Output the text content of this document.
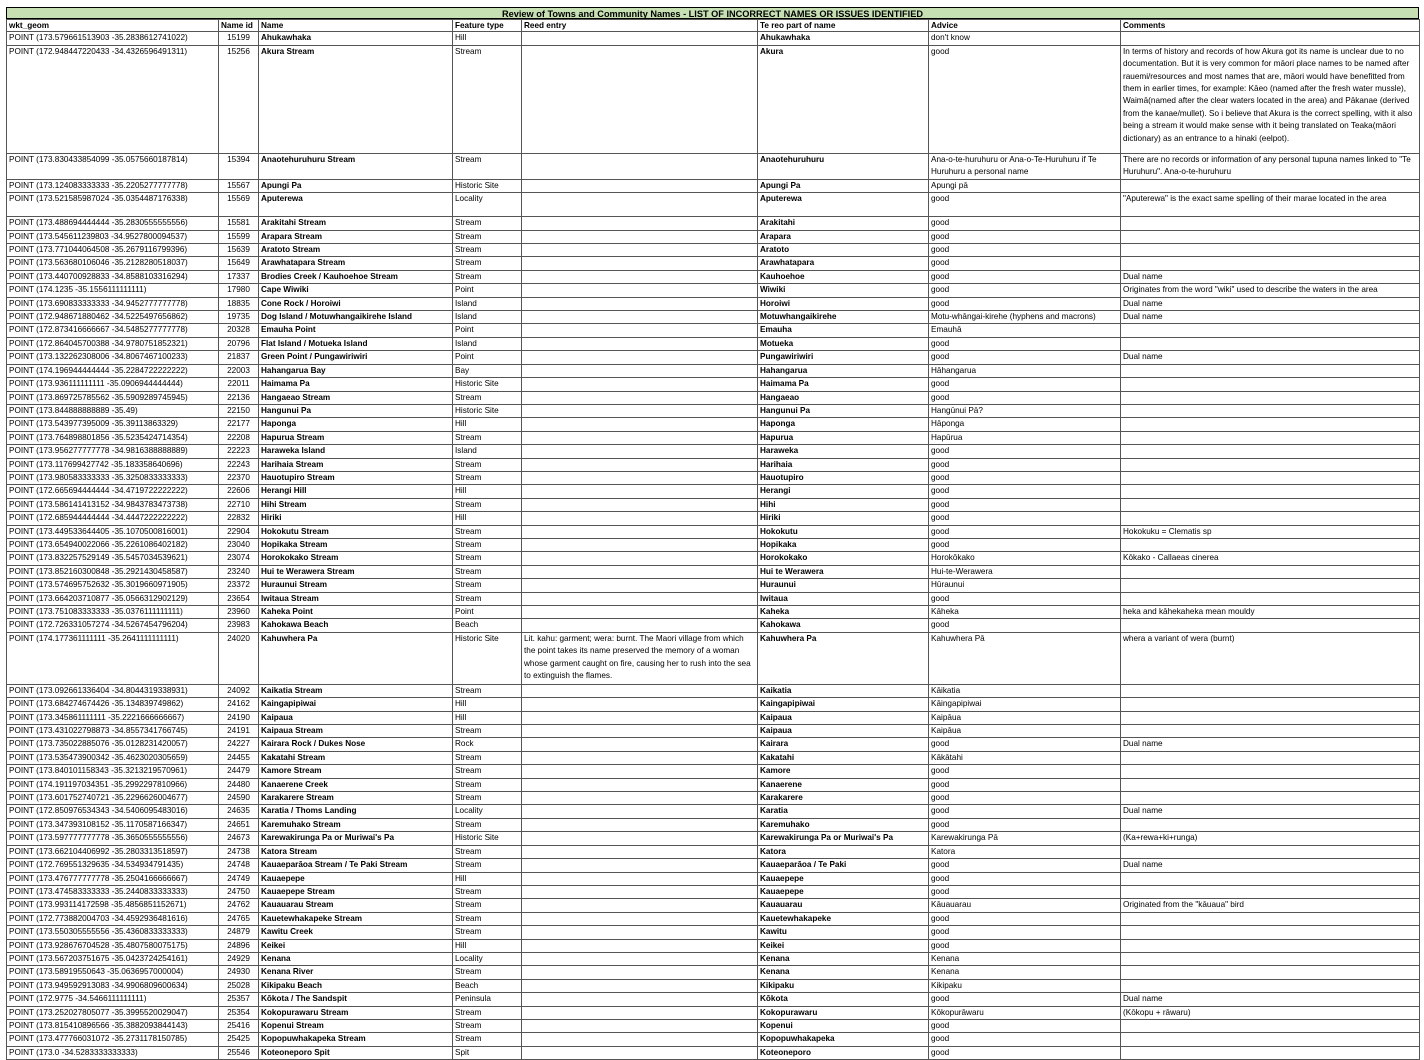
Review of Towns and Community Names - LIST OF INCORRECT NAMES OR ISSUES IDENTIFIED
wkt_geom	Name id	Name	Feature type	Reed entry	Te reo part of name	Advice	Comments
POINT (173.579661513903 -35.2838612741022)	15199	Ahukawhaka	Hill		Ahukawhaka	don't know	
POINT (172.948447220433 -34.4326596491311)	15256	Akura Stream	Stream		Akura	good	In terms of history and records of how Akura got its name is unclear due to no documentation. But it is very common for māori place names to be named after rauemi/resources and most names that are, māori would have benefitted from them in earlier times, for example: Kāeo (named after the fresh water mussle), Waimā(named after the clear waters located in the area) and Pākanae (derived from the kanae/mullet). So i believe that Akura is the correct spelling, with it also being a stream it would make sense with it being translated on Teaka(māori dictionary) as an entrance to a hinaki (eelpot).
POINT (173.830433854099 -35.0575660187814)	15394	Anaotehuruhuru Stream	Stream		Anaotehuruhuru	Ana-o-te-huruhuru or Ana-o-Te-Huruhuru if Te Huruhuru a personal name	There are no records or information of any personal tupuna names linked to "Te Huruhuru". Ana-o-te-huruhuru
POINT (173.124083333333 -35.2205277777778)	15567	Apungi Pa	Historic Site		Apungi Pa	Apungi pā	
POINT (173.521585987024 -35.0354487176338)	15569	Aputerewa	Locality		Aputerewa	good	"Aputerewa" is the exact same spelling of their marae located in the area
POINT (173.488694444444 -35.2830555555556)	15581	Arakitahi Stream	Stream		Arakitahi	good	
POINT (173.545611239803 -34.9527800094537)	15599	Arapara Stream	Stream		Arapara	good	
POINT (173.771044064508 -35.2679116799396)	15639	Aratoto Stream	Stream		Aratoto	good	
POINT (173.563680106046 -35.2128280518037)	15649	Arawhatapara Stream	Stream		Arawhatapara	good	
POINT (173.440700928833 -34.8588103316294)	17337	Brodies Creek / Kauhoehoe Stream	Stream		Kauhoehoe	good	Dual name
POINT (174.1235 -35.1556111111111)	17980	Cape Wiwiki	Point		Wiwiki	good	Originates from the word "wiki" used to describe the waters in the area
POINT (173.690833333333 -34.9452777777778)	18835	Cone Rock / Horoiwi	Island		Horoiwi	good	Dual name
POINT (172.948671880462 -34.5225497656862)	19735	Dog Island / Motuwhangaikirehe Island	Island		Motuwhangaikirehe	Motu-whāngai-kirehe (hyphens and macrons)	Dual name
POINT (172.873416666667 -34.5485277777778)	20328	Emauha Point	Point		Emauha	Emauhā	
POINT (172.864045700388 -34.9780751852321)	20796	Flat Island / Motueka Island	Island		Motueka	good	
POINT (173.132262308006 -34.8067467100233)	21837	Green Point / Pungawiriwiri	Point		Pungawiriwiri	good	Dual name
POINT (174.196944444444 -35.2284722222222)	22003	Hahangarua Bay	Bay		Hahangarua	Hāhangarua	
POINT (173.936111111111 -35.0906944444444)	22011	Haimama Pa	Historic Site		Haimama Pa	good	
POINT (173.869725785562 -35.5909289745945)	22136	Hangaeao Stream	Stream		Hangaeao	good	
POINT (173.844888888889 -35.49)	22150	Hangunui Pa	Historic Site		Hangunui Pa	Hangūnui Pā?	
POINT (173.543977395009 -35.39113863329)	22177	Haponga	Hill		Haponga	Hāponga	
POINT (173.764898801856 -35.5235424714354)	22208	Hapurua Stream	Stream		Hapurua	Hapūrua	
POINT (173.956277777778 -34.9816388888889)	22223	Haraweka Island	Island		Haraweka	good	
POINT (173.117699427742 -35.183358640696)	22243	Harihaia Stream	Stream		Harihaia	good	
POINT (173.980583333333 -35.3250833333333)	22370	Hauotupiro Stream	Stream		Hauotupiro	good	
POINT (172.665694444444 -34.4719722222222)	22606	Herangi Hill	Hill		Herangi	good	
POINT (173.586141413152 -34.9843783473738)	22710	Hihi Stream	Stream		Hihi	good	
POINT (172.685944444444 -34.4447222222222)	22832	Hiriki	Hill		Hiriki	good	
POINT (173.449533644405 -35.1070500816001)	22904	Hokokutu Stream	Stream		Hokokutu	good	Hokokuku = Clematis sp
POINT (173.654940022066 -35.2261086402182)	23040	Hopikaka Stream	Stream		Hopikaka	good	
POINT (173.832257529149 -35.5457034539621)	23074	Horokokako Stream	Stream		Horokokako	Horokōkako	Kōkako - Callaeas cinerea
POINT (173.852160300848 -35.2921430458587)	23240	Hui te Werawera Stream	Stream		Hui te Werawera	Hui-te-Werawera	
POINT (173.574695752632 -35.3019660971905)	23372	Huraunui Stream	Stream		Huraunui	Hūraunui	
POINT (173.664203710877 -35.0566312902129)	23654	Iwitaua Stream	Stream		Iwitaua	good	
POINT (173.751083333333 -35.0376111111111)	23960	Kaheka Point	Point		Kaheka	Kāheka	heka and kāhekaheka mean mouldy
POINT (172.726331057274 -34.5267454796204)	23983	Kahokawa Beach	Beach		Kahokawa	good	
POINT (174.177361111111 -35.2641111111111)	24020	Kahuwhera Pa	Historic Site	Lit. kahu: garment; wera: burnt. The Maori village from which the point takes its name preserved the memory of a woman whose garment caught on fire, causing her to rush into the sea to extinguish the flames.	Kahuwhera Pa	Kahuwhera Pā	whera a variant of wera (burnt)
POINT (173.092661336404 -34.8044319338931)	24092	Kaikatia Stream	Stream		Kaikatia	Kāikatia	
POINT (173.684274674426 -35.134839749862)	24162	Kaingapipiwai	Hill		Kaingapipiwai	Kāingapipiwai	
POINT (173.345861111111 -35.2221666666667)	24190	Kaipaua	Hill		Kaipaua	Kaipāua	
POINT (173.431022798873 -34.8557341766745)	24191	Kaipaua Stream	Stream		Kaipaua	Kaipāua	
POINT (173.735022885076 -35.0128231420057)	24227	Kairara Rock / Dukes Nose	Rock		Kairara	good	Dual name
POINT (173.535473900342 -35.4623020305659)	24455	Kakatahi Stream	Stream		Kakatahi	Kākātahi	
POINT (173.840101158343 -35.3213219570961)	24479	Kamore Stream	Stream		Kamore	good	
POINT (174.191197034351 -35.2992297810966)	24480	Kanaerene Creek	Stream		Kanaerene	good	
POINT (173.601752740721 -35.2296626004677)	24590	Karakarere Stream	Stream		Karakarere	good	
POINT (172.850976534343 -34.5406095483016)	24635	Karatia / Thoms Landing	Locality		Karatia	good	Dual name
POINT (173.347393108152 -35.1170587166347)	24651	Karemuhako Stream	Stream		Karemuhako	good	
POINT (173.597777777778 -35.3650555555556)	24673	Karewakirunga Pa or Muriwai's Pa	Historic Site		Karewakirunga Pa or Muriwai's Pa	Karewakirunga Pā	(Ka+rewa+ki+runga)
POINT (173.662104406992 -35.2803313518597)	24738	Katora Stream	Stream		Katora	Katora	
POINT (172.769551329635 -34.534934791435)	24748	Kauaeparāoa Stream / Te Paki Stream	Stream		Kauaeparāoa / Te Paki	good	Dual name
POINT (173.476777777778 -35.2504166666667)	24749	Kauaepepe	Hill		Kauaepepe	good	
POINT (173.474583333333 -35.2440833333333)	24750	Kauaepepe Stream	Stream		Kauaepepe	good	
POINT (173.993114172598 -35.4856851152671)	24762	Kauauarau Stream	Stream		Kauauarau	Kāuauarau	Originated from the "kāuaua" bird
POINT (172.773882004703 -34.4592936481616)	24765	Kauetewhakapeke Stream	Stream		Kauetewhakapeke	good	
POINT (173.550305555556 -35.4360833333333)	24879	Kawitu Creek	Stream		Kawitu	good	
POINT (173.928676704528 -35.4807580075175)	24896	Keikei	Hill		Keikei	good	
POINT (173.567203751675 -35.0423724254161)	24929	Kenana	Locality		Kenana	Kenana	
POINT (173.58919550643 -35.0636957000004)	24930	Kenana River	Stream		Kenana	Kenana	
POINT (173.949592913083 -34.9906809600634)	25028	Kikipaku Beach	Beach		Kikipaku	Kikipaku	
POINT (172.9775 -34.5466111111111)	25357	Kōkota / The Sandspit	Peninsula		Kōkota	good	Dual name
POINT (173.252027805077 -35.3995520029047)	25354	Kokopurawaru Stream	Stream		Kokopurawaru	Kōkopurāwaru	(Kōkopu + rāwaru)
POINT (173.815410896566 -35.3882093844143)	25416	Kopenui Stream	Stream		Kopenui	good	
POINT (173.477766031072 -35.2731178150785)	25425	Kopopuwhakapeka Stream	Stream		Kopopuwhakapeka	good	
POINT (173.0 -34.5283333333333)	25546	Koteoneporo Spit	Spit		Koteoneporo	good	
